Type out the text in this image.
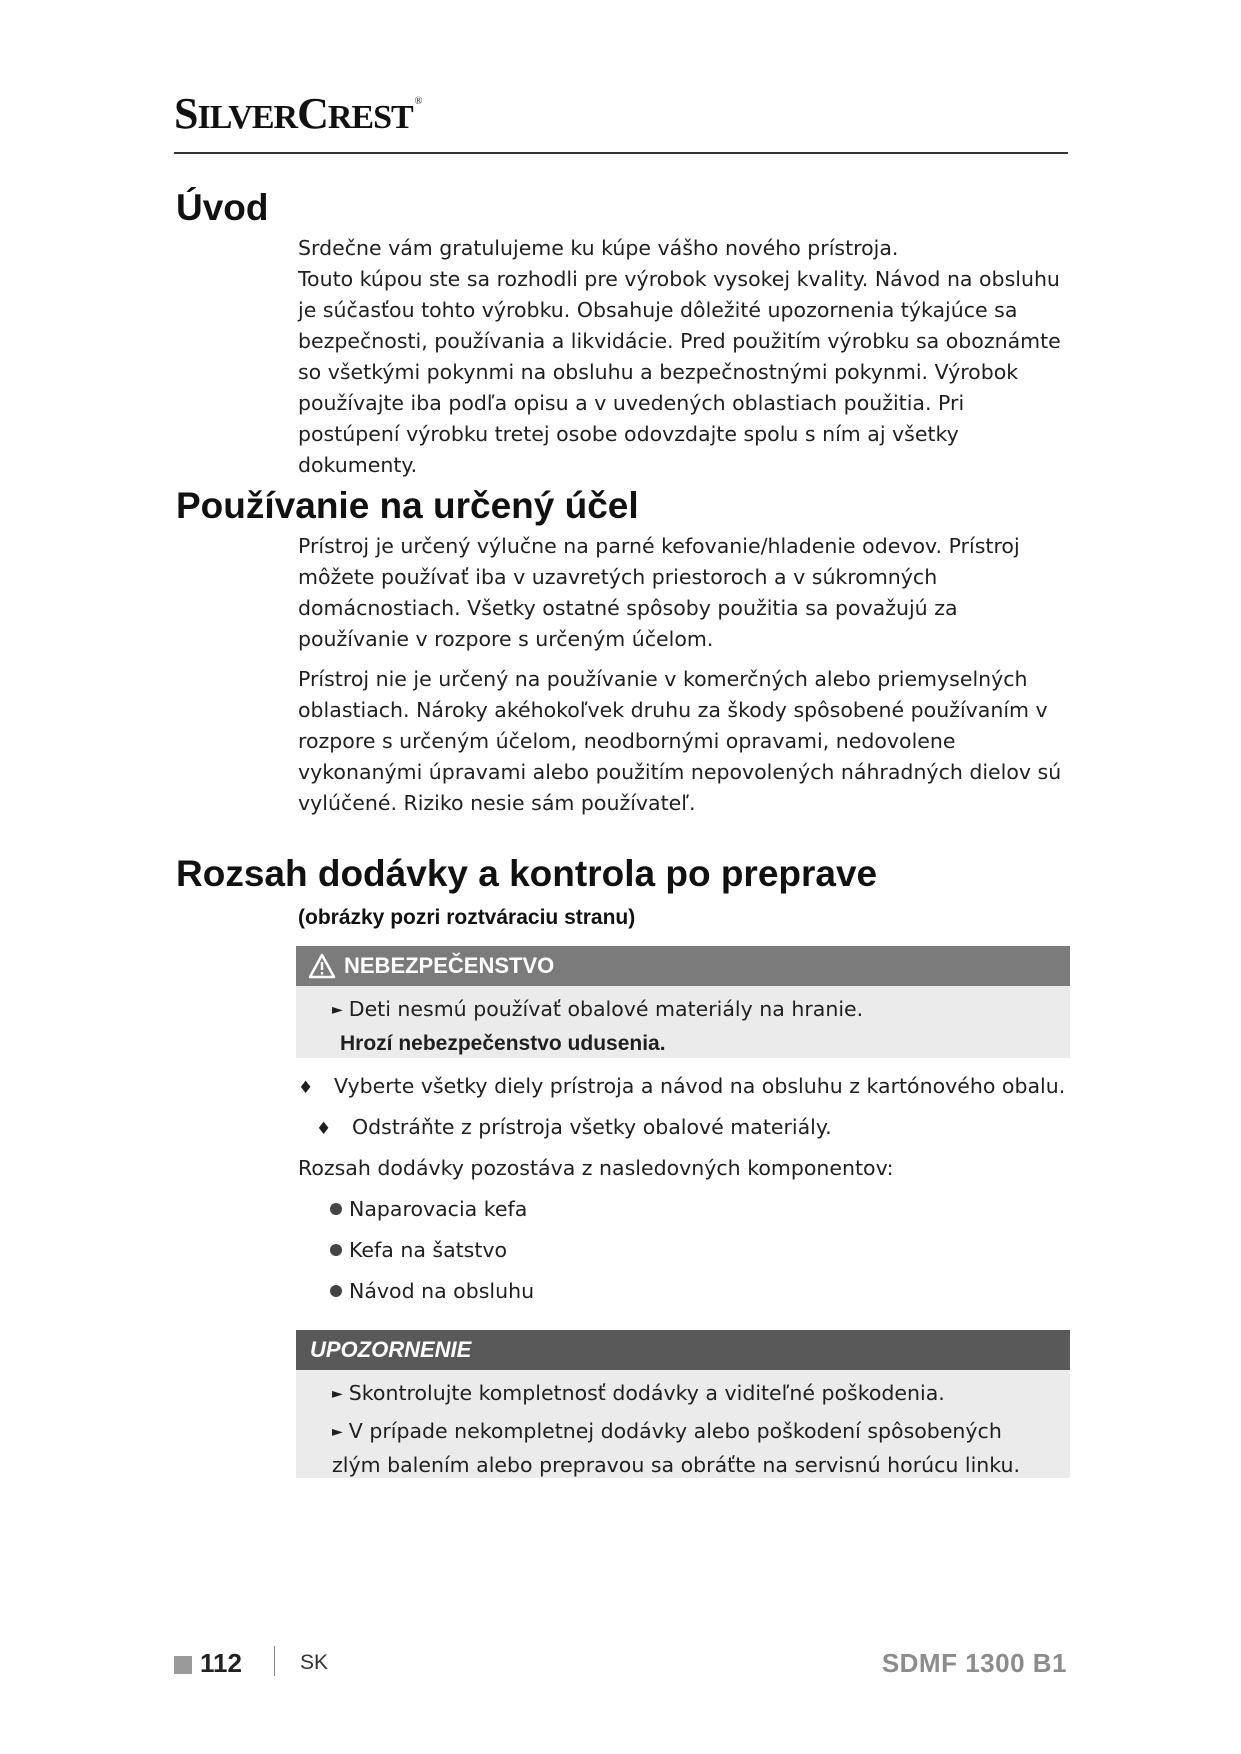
SILVERCREST ®
Úvod

Srdečne vám gratulujeme ku kúpe vášho nového prístroja.
Touto kúpou ste sa rozhodli pre výrobok vysokej kvality. Návod na obsluhu je súčasťou tohto výrobku. Obsahuje dôležité upozornenia týkajúce sa bezpečnosti, používania a likvidácie. Pred použitím výrobku sa oboznámte so všetkými pokynmi na obsluhu a bezpečnostnými pokynmi. Výrobok používajte iba podľa opisu a v uvedených oblastiach použitia. Pri postúpení výrobku tretej osobe odovzdajte spolu s ním aj všetky dokumenty.

Používanie na určený účel

Prístroj je určený výlučne na parné kefovanie/hladenie odevov. Prístroj môžete používať iba v uzavretých priestoroch a v súkromných domácnostiach. Všetky ostatné spôsoby použitia sa považujú za používanie v rozpore s určeným účelom.

Prístroj nie je určený na používanie v komerčných alebo priemyselných oblastiach. Nároky akéhokoľvek druhu za škody spôsobené používaním v rozpore s určeným účelom, neodbornými opravami, nedovolene vykonanými úpravami alebo použitím nepovolených náhradných dielov sú vylúčené. Riziko nesie sám používateľ.

Rozsah dodávky a kontrola po preprave

(obrázky pozri roztváraciu stranu)

NEBEZPEČENSTVO
► Deti nesmú používať obalové materiály na hranie.
Hrozí nebezpečenstvo udusenia.
♦ Vyberte všetky diely prístroja a návod na obsluhu z kartónového obalu.
♦ Odstráňte z prístroja všetky obalové materiály.

Rozsah dodávky pozostáva z nasledovných komponentov:

Naparovacia kefa
Kefa na šatstvo
Návod na obsluhu
UPOZORNENIE
► Skontrolujte kompletnosť dodávky a viditeľné poškodenia.
► V prípade nekompletnej dodávky alebo poškodení spôsobených zlým balením alebo prepravou sa obráťte na servisnú horúcu linku.
112	SK	SDMF 1300 B1
